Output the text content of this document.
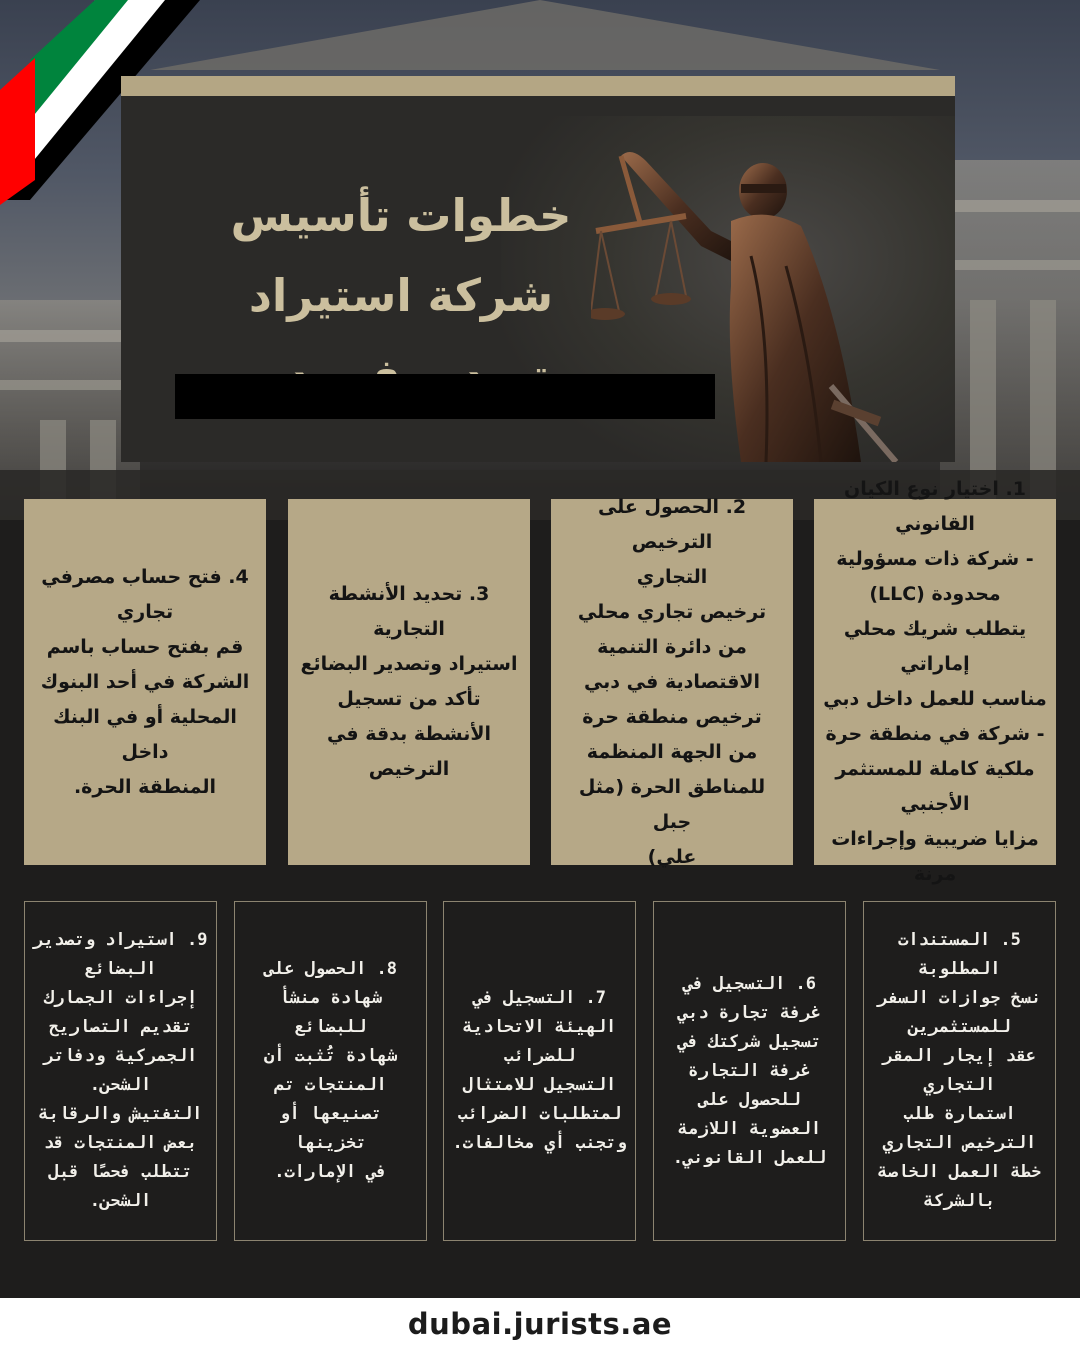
خطوات تأسيس
شركة استيراد

1. اختيار نوع الكيان القانوني

- شركة ذات مسؤولية

محدودة (LLC)

يتطلب شريك محلي

إماراتي

مناسب للعمل داخل دبي

- شركة في منطقة حرة

ملكية كاملة للمستثمر

الأجنبي

مزايا ضريبية وإجراءات مرنة

2. الحصول على الترخيص

التجاري

ترخيص تجاري محلي

من دائرة التنمية

الاقتصادية في دبي

ترخيص منطقة حرة

من الجهة المنظمة

للمناطق الحرة (مثل جبل

علي)

3. تحديد الأنشطة

التجارية

استيراد وتصدير البضائع

تأكد من تسجيل

الأنشطة بدقة في

الترخيص

4. فتح حساب مصرفي

تجاري

قم بفتح حساب باسم

الشركة في أحد البنوك

المحلية أو في البنك داخل

المنطقة الحرة.

5. المستندات

المطلوبة

نسخ جوازات السفر

للمستثمرين

عقد إيجار المقر

التجاري

استمارة طلب

الترخيص التجاري

خطة العمل الخاصة

بالشركة

6. التسجيل في

غرفة تجارة دبي

تسجيل شركتك في

غرفة التجارة

للحصول على

العضوية اللازمة

للعمل القانوني.

7. التسجيل في

الهيئة الاتحادية

للضرائب

التسجيل للامتثال

لمتطلبات الضرائب

وتجنب أي مخالفات.

8. الحصول على

شهادة منشأ

للبضائع

شهادة تُثبت أن

المنتجات تم

تصنيعها أو تخزينها

في الإمارات.

9. استيراد وتصدير

البضائع

إجراءات الجمارك

تقديم التصاريح

الجمركية ودفاتر

الشحن.

التفتيش والرقابة

بعض المنتجات قد

تتطلب فحصًا قبل

الشحن.

dubai.jurists.ae
